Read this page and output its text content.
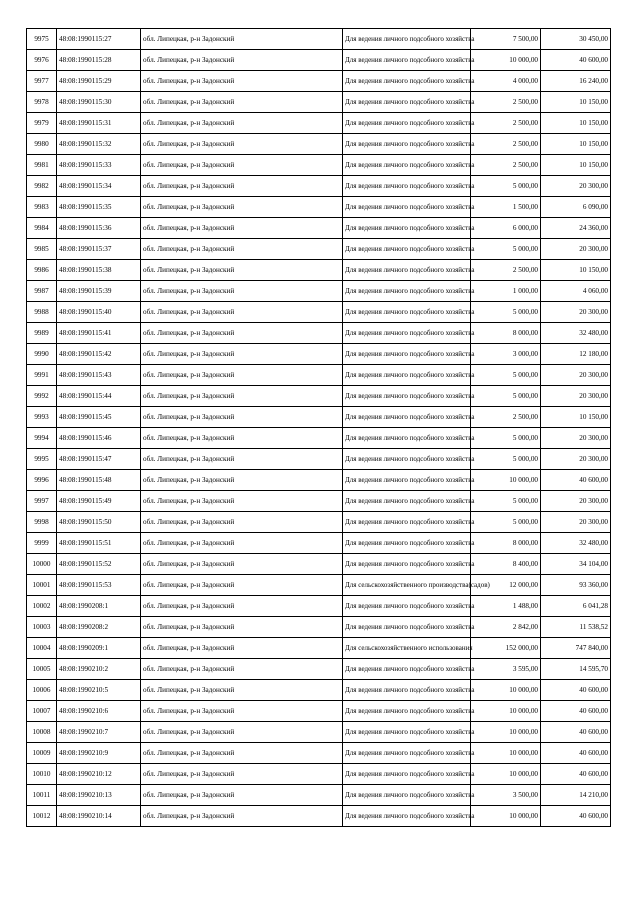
9975	48:08:1990115:27	обл. Липецкая, р-н Задонский	Для ведения личного подсобного хозяйства	7 500,00	30 450,00
9976	48:08:1990115:28	обл. Липецкая, р-н Задонский	Для ведения личного подсобного хозяйства	10 000,00	40 600,00
9977	48:08:1990115:29	обл. Липецкая, р-н Задонский	Для ведения личного подсобного хозяйства	4 000,00	16 240,00
9978	48:08:1990115:30	обл. Липецкая, р-н Задонский	Для ведения личного подсобного хозяйства	2 500,00	10 150,00
9979	48:08:1990115:31	обл. Липецкая, р-н Задонский	Для ведения личного подсобного хозяйства	2 500,00	10 150,00
9980	48:08:1990115:32	обл. Липецкая, р-н Задонский	Для ведения личного подсобного хозяйства	2 500,00	10 150,00
9981	48:08:1990115:33	обл. Липецкая, р-н Задонский	Для ведения личного подсобного хозяйства	2 500,00	10 150,00
9982	48:08:1990115:34	обл. Липецкая, р-н Задонский	Для ведения личного подсобного хозяйства	5 000,00	20 300,00
9983	48:08:1990115:35	обл. Липецкая, р-н Задонский	Для ведения личного подсобного хозяйства	1 500,00	6 090,00
9984	48:08:1990115:36	обл. Липецкая, р-н Задонский	Для ведения личного подсобного хозяйства	6 000,00	24 360,00
9985	48:08:1990115:37	обл. Липецкая, р-н Задонский	Для ведения личного подсобного хозяйства	5 000,00	20 300,00
9986	48:08:1990115:38	обл. Липецкая, р-н Задонский	Для ведения личного подсобного хозяйства	2 500,00	10 150,00
9987	48:08:1990115:39	обл. Липецкая, р-н Задонский	Для ведения личного подсобного хозяйства	1 000,00	4 060,00
9988	48:08:1990115:40	обл. Липецкая, р-н Задонский	Для ведения личного подсобного хозяйства	5 000,00	20 300,00
9989	48:08:1990115:41	обл. Липецкая, р-н Задонский	Для ведения личного подсобного хозяйства	8 000,00	32 480,00
9990	48:08:1990115:42	обл. Липецкая, р-н Задонский	Для ведения личного подсобного хозяйства	3 000,00	12 180,00
9991	48:08:1990115:43	обл. Липецкая, р-н Задонский	Для ведения личного подсобного хозяйства	5 000,00	20 300,00
9992	48:08:1990115:44	обл. Липецкая, р-н Задонский	Для ведения личного подсобного хозяйства	5 000,00	20 300,00
9993	48:08:1990115:45	обл. Липецкая, р-н Задонский	Для ведения личного подсобного хозяйства	2 500,00	10 150,00
9994	48:08:1990115:46	обл. Липецкая, р-н Задонский	Для ведения личного подсобного хозяйства	5 000,00	20 300,00
9995	48:08:1990115:47	обл. Липецкая, р-н Задонский	Для ведения личного подсобного хозяйства	5 000,00	20 300,00
9996	48:08:1990115:48	обл. Липецкая, р-н Задонский	Для ведения личного подсобного хозяйства	10 000,00	40 600,00
9997	48:08:1990115:49	обл. Липецкая, р-н Задонский	Для ведения личного подсобного хозяйства	5 000,00	20 300,00
9998	48:08:1990115:50	обл. Липецкая, р-н Задонский	Для ведения личного подсобного хозяйства	5 000,00	20 300,00
9999	48:08:1990115:51	обл. Липецкая, р-н Задонский	Для ведения личного подсобного хозяйства	8 000,00	32 480,00
10000	48:08:1990115:52	обл. Липецкая, р-н Задонский	Для ведения личного подсобного хозяйства	8 400,00	34 104,00
10001	48:08:1990115:53	обл. Липецкая, р-н Задонский	Для сельскохозяйственного производства(садов)	12 000,00	93 360,00
10002	48:08:1990208:1	обл. Липецкая, р-н Задонский	Для ведения личного подсобного хозяйства	1 488,00	6 041,28
10003	48:08:1990208:2	обл. Липецкая, р-н Задонский	Для ведения личного подсобного хозяйства	2 842,00	11 538,52
10004	48:08:1990209:1	обл. Липецкая, р-н Задонский	Для сельскохозяйственного использования	152 000,00	747 840,00
10005	48:08:1990210:2	обл. Липецкая, р-н Задонский	Для ведения личного подсобного хозяйства	3 595,00	14 595,70
10006	48:08:1990210:5	обл. Липецкая, р-н Задонский	Для ведения личного подсобного хозяйства	10 000,00	40 600,00
10007	48:08:1990210:6	обл. Липецкая, р-н Задонский	Для ведения личного подсобного хозяйства	10 000,00	40 600,00
10008	48:08:1990210:7	обл. Липецкая, р-н Задонский	Для ведения личного подсобного хозяйства	10 000,00	40 600,00
10009	48:08:1990210:9	обл. Липецкая, р-н Задонский	Для ведения личного подсобного хозяйства	10 000,00	40 600,00
10010	48:08:1990210:12	обл. Липецкая, р-н Задонский	Для ведения личного подсобного хозяйства	10 000,00	40 600,00
10011	48:08:1990210:13	обл. Липецкая, р-н Задонский	Для ведения личного подсобного хозяйства	3 500,00	14 210,00
10012	48:08:1990210:14	обл. Липецкая, р-н Задонский	Для ведения личного подсобного хозяйства	10 000,00	40 600,00
